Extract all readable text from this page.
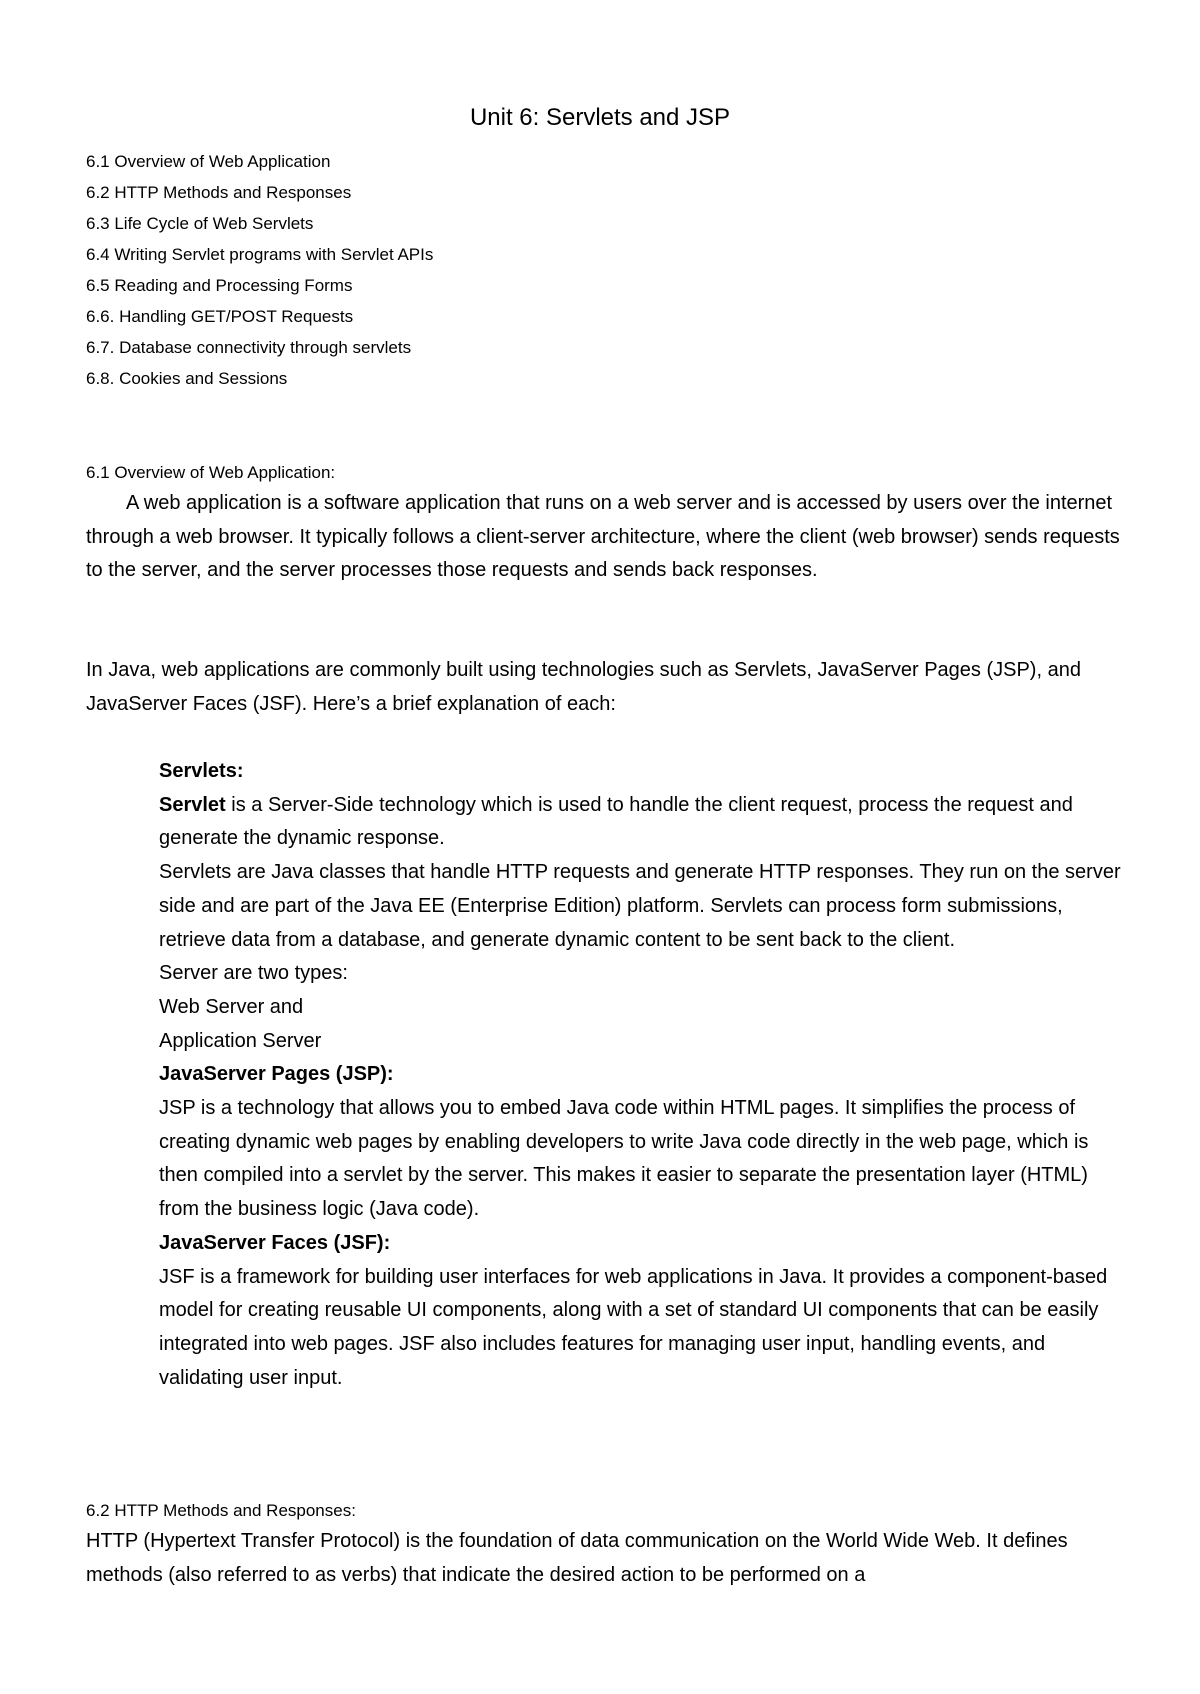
Unit 6: Servlets and JSP
6.1 Overview of Web Application
6.2 HTTP Methods and Responses
6.3 Life Cycle of Web Servlets
6.4 Writing Servlet programs with Servlet APIs
6.5 Reading and Processing Forms
6.6. Handling GET/POST Requests
6.7. Database connectivity through servlets
6.8. Cookies and Sessions
6.1 Overview of Web Application:

A web application is a software application that runs on a web server and is accessed by users over the internet through a web browser. It typically follows a client-server architecture, where the client (web browser) sends requests to the server, and the server processes those requests and sends back responses.

In Java, web applications are commonly built using technologies such as Servlets, JavaServer Pages (JSP), and JavaServer Faces (JSF). Here’s a brief explanation of each:

Servlets:

Servlet is a Server-Side technology which is used to handle the client request, process the request and generate the dynamic response.

Servlets are Java classes that handle HTTP requests and generate HTTP responses. They run on the server side and are part of the Java EE (Enterprise Edition) platform. Servlets can process form submissions, retrieve data from a database, and generate dynamic content to be sent back to the client.

Server are two types:

Web Server and

Application Server

JavaServer Pages (JSP):

JSP is a technology that allows you to embed Java code within HTML pages. It simplifies the process of creating dynamic web pages by enabling developers to write Java code directly in the web page, which is then compiled into a servlet by the server. This makes it easier to separate the presentation layer (HTML) from the business logic (Java code).

JavaServer Faces (JSF):

JSF is a framework for building user interfaces for web applications in Java. It provides a component-based model for creating reusable UI components, along with a set of standard UI components that can be easily integrated into web pages. JSF also includes features for managing user input, handling events, and validating user input.

6.2 HTTP Methods and Responses:

HTTP (Hypertext Transfer Protocol) is the foundation of data communication on the World Wide Web. It defines methods (also referred to as verbs) that indicate the desired action to be performed on a
